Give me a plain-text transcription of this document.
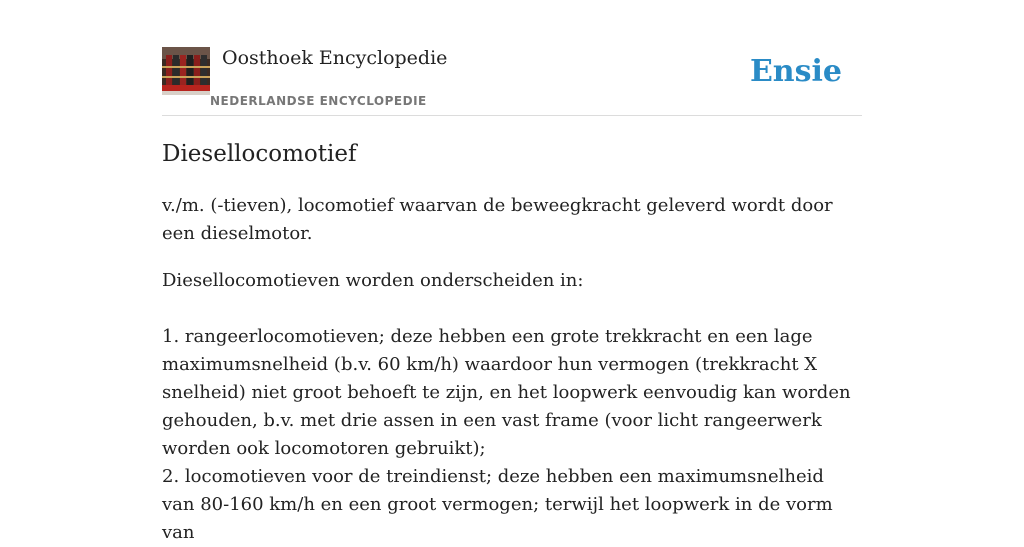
Oosthoek Encyclopedie
NEDERLANDSE ENCYCLOPEDIE
Ensie
Diesellocomotief

v./m. (-tieven), locomotief waarvan de beweegkracht geleverd wordt door een dieselmotor.

Diesellocomotieven worden onderscheiden in:

1. rangeerlocomotieven; deze hebben een grote trekkracht en een lage maximumsnelheid (b.v. 60 km/h) waardoor hun vermogen (trekkracht X snelheid) niet groot behoeft te zijn, en het loopwerk eenvoudig kan worden gehouden, b.v. met drie assen in een vast frame (voor licht rangeerwerk worden ook locomotoren gebruikt);

2. locomotieven voor de treindienst; deze hebben een maximumsnelheid van 80-160 km/h en een groot vermogen; terwijl het loopwerk in de vorm van
